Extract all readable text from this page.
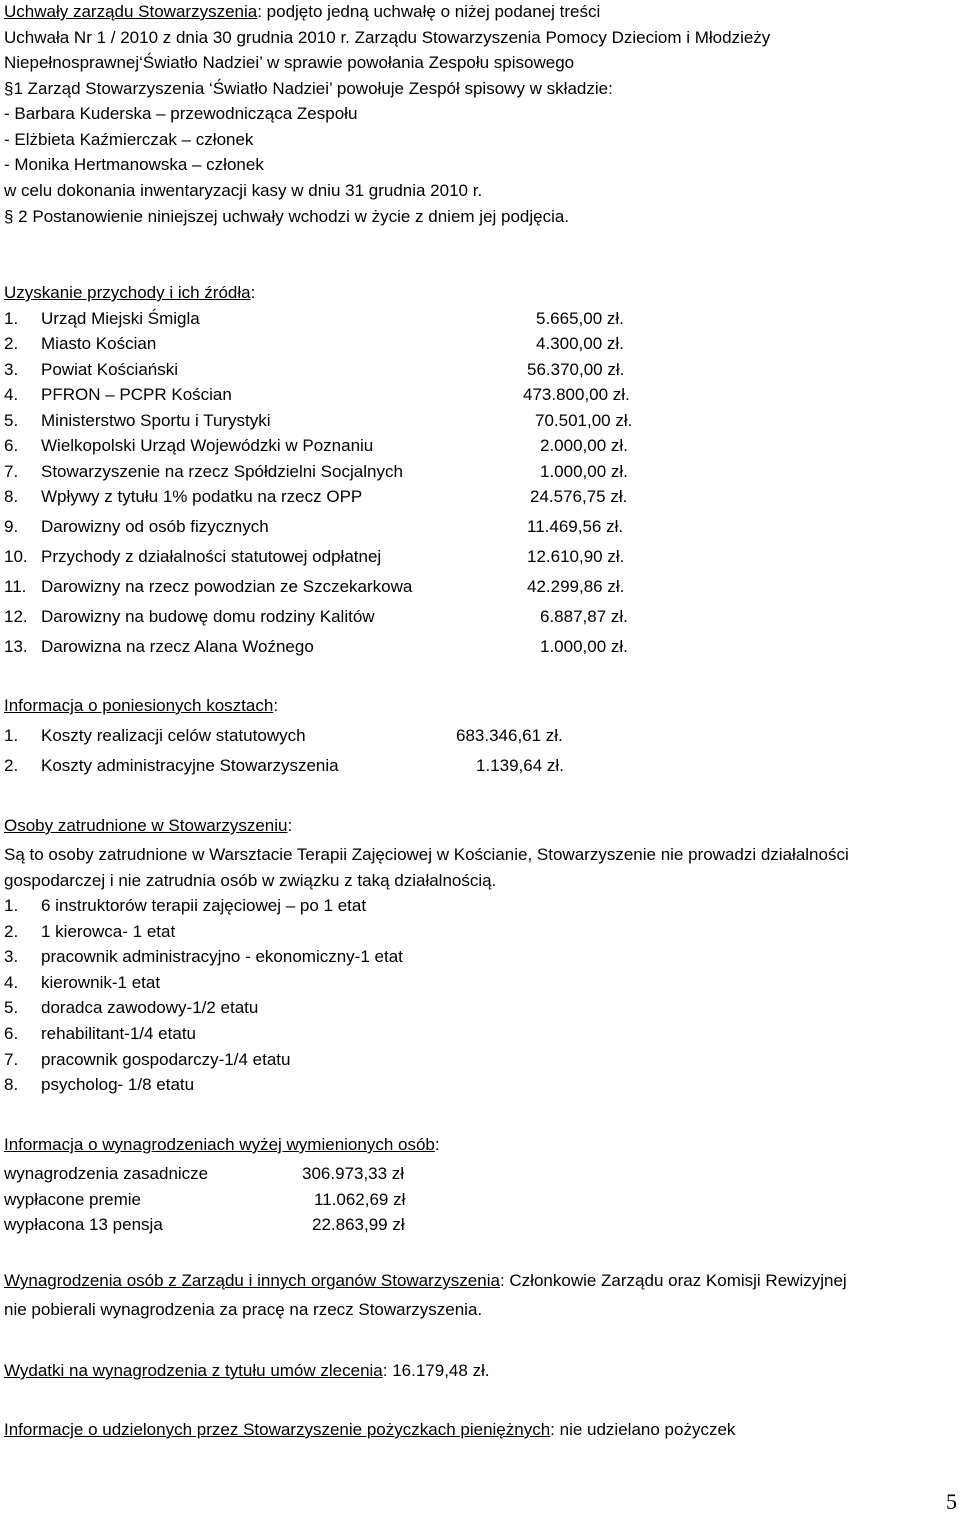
Uchwały zarządu Stowarzyszenia: podjęto jedną uchwałę o niżej podanej treści
Uchwała Nr 1 / 2010 z dnia 30 grudnia 2010 r. Zarządu Stowarzyszenia Pomocy Dzieciom i Młodzieży
Niepełnosprawnej‘Światło Nadziei’ w sprawie powołania Zespołu spisowego
§1 Zarząd Stowarzyszenia ‘Światło Nadziei’ powołuje Zespół spisowy w składzie:
- Barbara Kuderska – przewodnicząca Zespołu
- Elżbieta Kaźmierczak – członek
- Monika Hertmanowska – członek
w celu dokonania inwentaryzacji kasy w dniu 31 grudnia 2010 r.
§ 2 Postanowienie niniejszej uchwały wchodzi w życie z dniem jej podjęcia.
Uzyskanie przychody i ich źródła:
1. Urząd Miejski Śmigla	5.665,00 zł.
2. Miasto Kościan	4.300,00 zł.
3. Powiat Kościański	56.370,00 zł.
4. PFRON – PCPR Kościan	473.800,00 zł.
5. Ministerstwo Sportu i Turystyki	70.501,00 zł.
6. Wielkopolski Urząd Wojewódzki w Poznaniu	2.000,00 zł.
7. Stowarzyszenie na rzecz Spółdzielni Socjalnych	1.000,00 zł.
8. Wpływy z tytułu 1% podatku na rzecz OPP	24.576,75 zł.
9. Darowizny od osób fizycznych	11.469,56 zł.
10. Przychody z działalności statutowej odpłatnej	12.610,90 zł.
11. Darowizny na rzecz powodzian ze Szczekarkowa	42.299,86 zł.
12. Darowizny na budowę domu rodziny Kalitów	6.887,87 zł.
13. Darowizna na rzecz Alana Woźnego	1.000,00 zł.
Informacja o poniesionych kosztach:
1. Koszty realizacji celów statutowych	683.346,61 zł.
2. Koszty administracyjne Stowarzyszenia	1.139,64 zł.
Osoby zatrudnione w Stowarzyszeniu:
Są to osoby zatrudnione w Warsztacie Terapii Zajęciowej w Kościanie, Stowarzyszenie nie prowadzi działalności
gospodarczej i nie zatrudnia osób w związku z taką działalnością.
1. 6 instruktorów terapii zajęciowej – po 1 etat
2. 1 kierowca- 1 etat
3. pracownik administracyjno - ekonomiczny-1 etat
4. kierownik-1 etat
5. doradca zawodowy-1/2 etatu
6. rehabilitant-1/4 etatu
7. pracownik gospodarczy-1/4 etatu
8. psycholog- 1/8 etatu
Informacja o wynagrodzeniach wyżej wymienionych osób:
wynagrodzenia zasadnicze	306.973,33 zł
wypłacone premie	11.062,69 zł
wypłacona 13 pensja	22.863,99 zł
Wynagrodzenia osób z Zarządu i innych organów Stowarzyszenia: Członkowie Zarządu oraz Komisji Rewizyjnej
nie pobierali wynagrodzenia za pracę na rzecz Stowarzyszenia.
Wydatki na wynagrodzenia z tytułu umów zlecenia: 16.179,48 zł.
Informacje o udzielonych przez Stowarzyszenie pożyczkach pieniężnych: nie udzielano pożyczek
5
